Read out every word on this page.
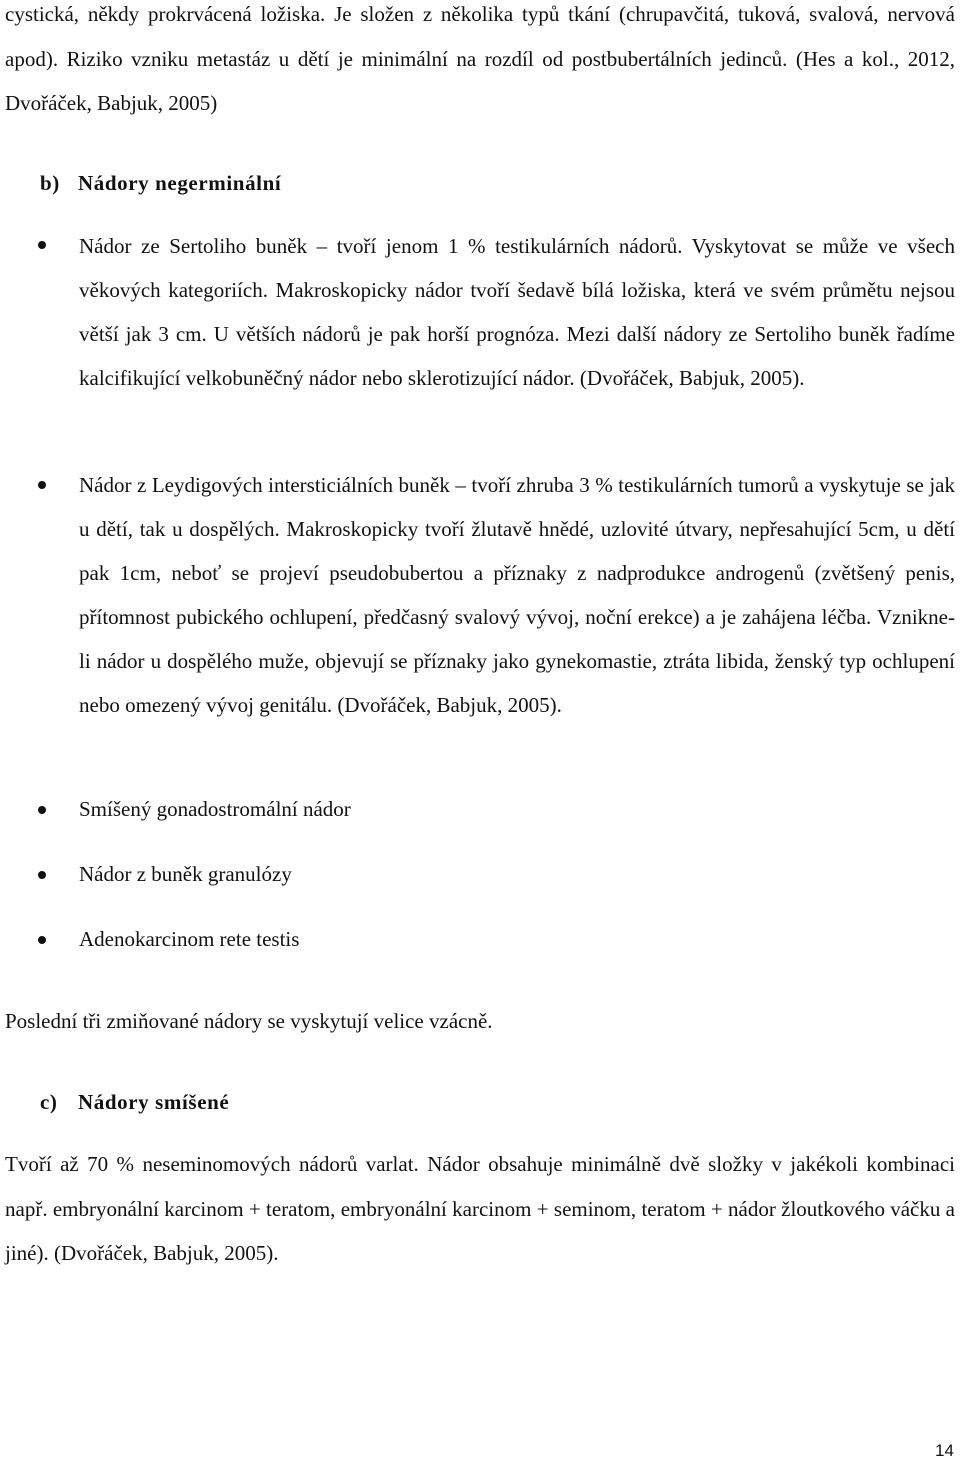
cystická, někdy prokrvácená ložiska. Je složen z několika typů tkání (chrupavčitá, tuková, svalová, nervová apod). Riziko vzniku metastáz u dětí je minimální na rozdíl od postbubertálních jedinců. (Hes a kol., 2012, Dvořáček, Babjuk, 2005)

b) Nádory negerminální

Nádor ze Sertoliho buněk – tvoří jenom 1 % testikulárních nádorů. Vyskytovat se může ve všech věkových kategoriích. Makroskopicky nádor tvoří šedavě bílá ložiska, která ve svém průmětu nejsou větší jak 3 cm. U větších nádorů je pak horší prognóza. Mezi další nádory ze Sertoliho buněk řadíme kalcifikující velkobuněčný nádor nebo sklerotizující nádor. (Dvořáček, Babjuk, 2005).

Nádor z Leydigových intersticiálních buněk – tvoří zhruba 3 % testikulárních tumorů a vyskytuje se jak u dětí, tak u dospělých. Makroskopicky tvoří žlutavě hnědé, uzlovité útvary, nepřesahující 5cm, u dětí pak 1cm, neboť se projeví pseudobubertou a příznaky z nadprodukce androgenů (zvětšený penis, přítomnost pubického ochlupení, předčasný svalový vývoj, noční erekce) a je zahájena léčba. Vznikne-li nádor u dospělého muže, objevují se příznaky jako gynekomastie, ztráta libida, ženský typ ochlupení nebo omezený vývoj genitálu. (Dvořáček, Babjuk, 2005).

Smíšený gonadostromální nádor

Nádor z buněk granulózy

Adenokarcinom rete testis

Poslední tři zmiňované nádory se vyskytují velice vzácně.

c) Nádory smíšené

Tvoří až 70 % neseminomových nádorů varlat. Nádor obsahuje minimálně dvě složky v jakékoli kombinaci např. embryonální karcinom + teratom, embryonální karcinom + seminom, teratom + nádor žloutkového váčku a jiné). (Dvořáček, Babjuk, 2005).

14
